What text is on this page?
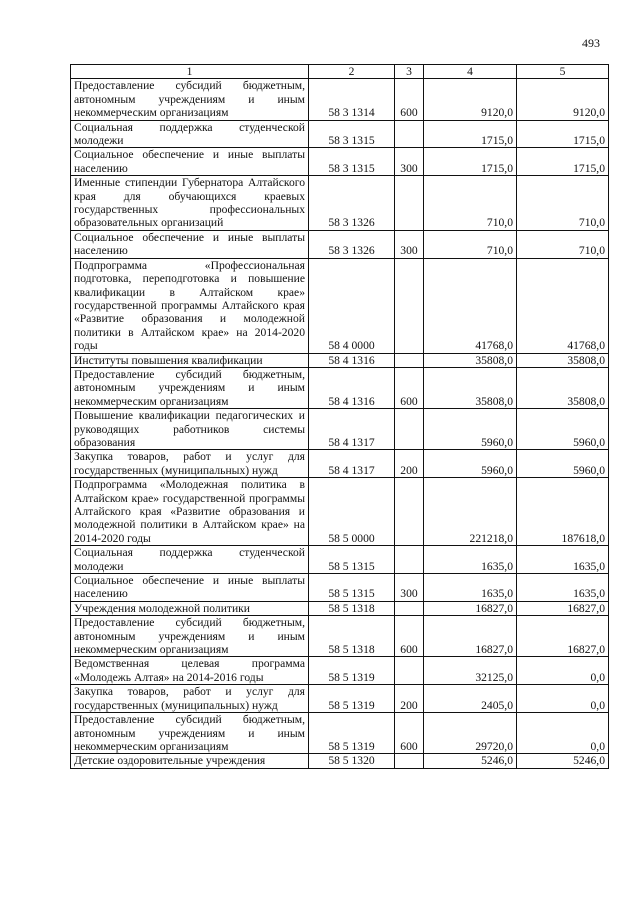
493
1	2	3	4	5
Предоставление субсидий бюджетным, автономным учреждениям и иным некоммерческим организациям	58 3 1314	600	9120,0	9120,0
Социальная поддержка студенческой молодежи	58 3 1315		1715,0	1715,0
Социальное обеспечение и иные выплаты населению	58 3 1315	300	1715,0	1715,0
Именные стипендии Губернатора Алтайского края для обучающихся краевых государственных профессиональных образовательных организаций	58 3 1326		710,0	710,0
Социальное обеспечение и иные выплаты населению	58 3 1326	300	710,0	710,0
Подпрограмма «Профессиональная подготовка, переподготовка и повышение квалификации в Алтайском крае» государственной программы Алтайского края «Развитие образования и молодежной политики в Алтайском крае» на 2014-2020 годы	58 4 0000		41768,0	41768,0
Институты повышения квалификации	58 4 1316		35808,0	35808,0
Предоставление субсидий бюджетным, автономным учреждениям и иным некоммерческим организациям	58 4 1316	600	35808,0	35808,0
Повышение квалификации педагогических и руководящих работников системы образования	58 4 1317		5960,0	5960,0
Закупка товаров, работ и услуг для государственных (муниципальных) нужд	58 4 1317	200	5960,0	5960,0
Подпрограмма «Молодежная политика в Алтайском крае» государственной программы Алтайского края «Развитие образования и молодежной политики в Алтайском крае» на 2014-2020 годы	58 5 0000		221218,0	187618,0
Социальная поддержка студенческой молодежи	58 5 1315		1635,0	1635,0
Социальное обеспечение и иные выплаты населению	58 5 1315	300	1635,0	1635,0
Учреждения молодежной политики	58 5 1318		16827,0	16827,0
Предоставление субсидий бюджетным, автономным учреждениям и иным некоммерческим организациям	58 5 1318	600	16827,0	16827,0
Ведомственная целевая программа «Молодежь Алтая» на 2014-2016 годы	58 5 1319		32125,0	0,0
Закупка товаров, работ и услуг для государственных (муниципальных) нужд	58 5 1319	200	2405,0	0,0
Предоставление субсидий бюджетным, автономным учреждениям и иным некоммерческим организациям	58 5 1319	600	29720,0	0,0
Детские оздоровительные учреждения	58 5 1320		5246,0	5246,0
